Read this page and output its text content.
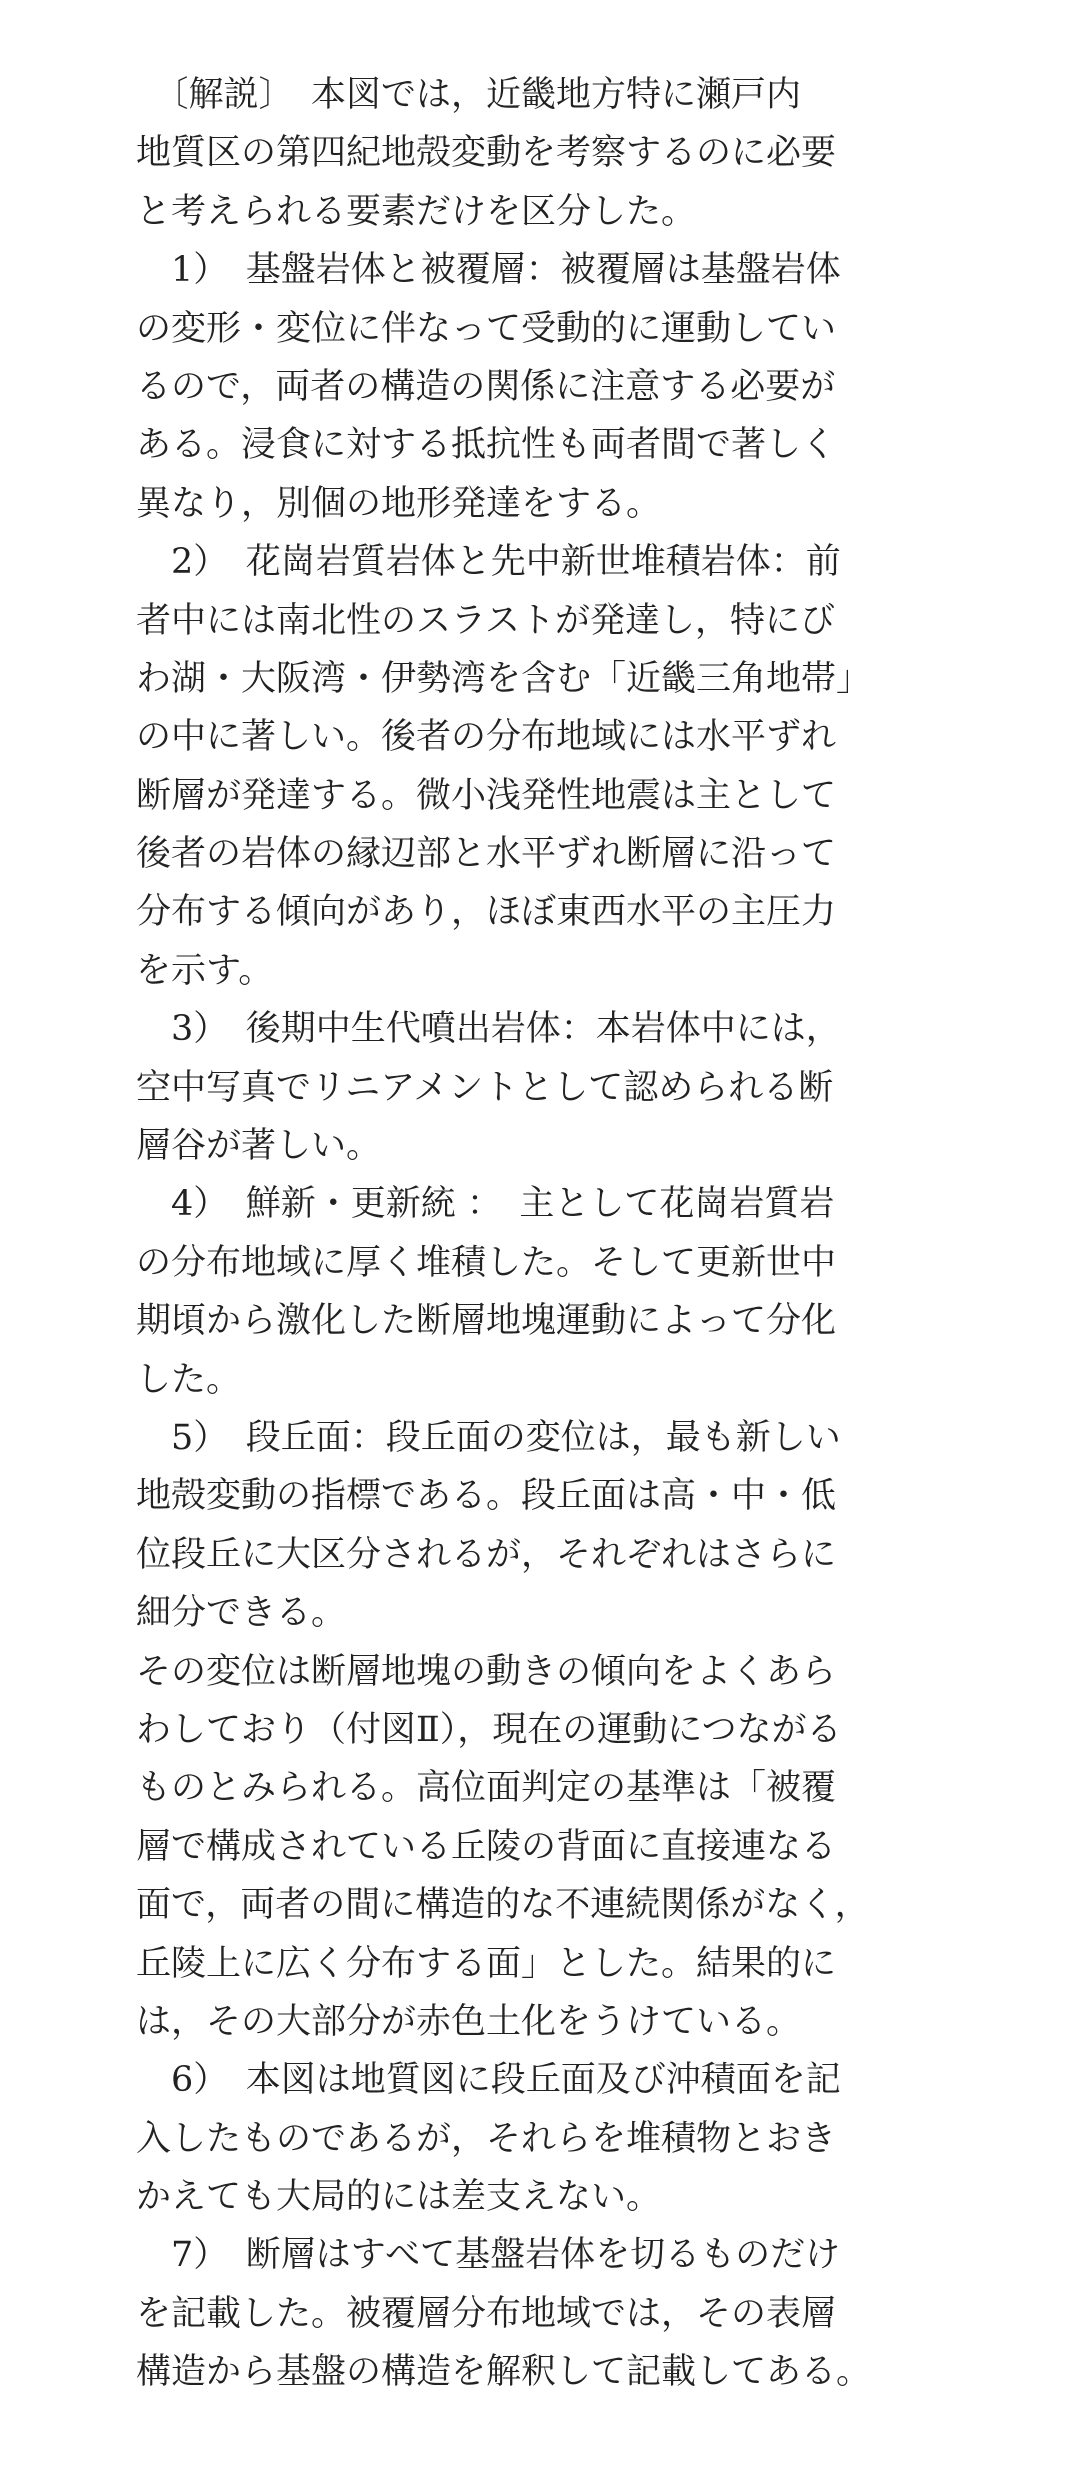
　〔解説〕　本図では，近畿地方特に瀬戸内
地質区の第四紀地殻変動を考察するのに必要
と考えられる要素だけを区分した。
　1）　基盤岩体と被覆層：被覆層は基盤岩体
の変形・変位に伴なって受動的に運動してい
るので，両者の構造の関係に注意する必要が
ある。浸食に対する抵抗性も両者間で著しく
異なり，別個の地形発達をする。
　2）　花崗岩質岩体と先中新世堆積岩体：前
者中には南北性のスラストが発達し，特にび
わ湖・大阪湾・伊勢湾を含む「近畿三角地帯」
の中に著しい。後者の分布地域には水平ずれ
断層が発達する。微小浅発性地震は主として
後者の岩体の縁辺部と水平ずれ断層に沿って
分布する傾向があり，ほぼ東西水平の主圧力
を示す。
　3）　後期中生代噴出岩体：本岩体中には，
空中写真でリニアメントとして認められる断
層谷が著しい。
　4）　鮮新・更新統 ：　主として花崗岩質岩
の分布地域に厚く堆積した。そして更新世中
期頃から激化した断層地塊運動によって分化
した。
　5）　段丘面：段丘面の変位は，最も新しい
地殻変動の指標である。段丘面は高・中・低
位段丘に大区分されるが，それぞれはさらに
細分できる。
その変位は断層地塊の動きの傾向をよくあら
わしており（付図Ⅱ），現在の運動につながる
ものとみられる。高位面判定の基準は「被覆
層で構成されている丘陵の背面に直接連なる
面で，両者の間に構造的な不連続関係がなく，
丘陵上に広く分布する面」とした。結果的に
は，その大部分が赤色土化をうけている。
　6）　本図は地質図に段丘面及び沖積面を記
入したものであるが，それらを堆積物とおき
かえても大局的には差支えない。
　7）　断層はすべて基盤岩体を切るものだけ
を記載した。被覆層分布地域では，その表層
構造から基盤の構造を解釈して記載してある。
